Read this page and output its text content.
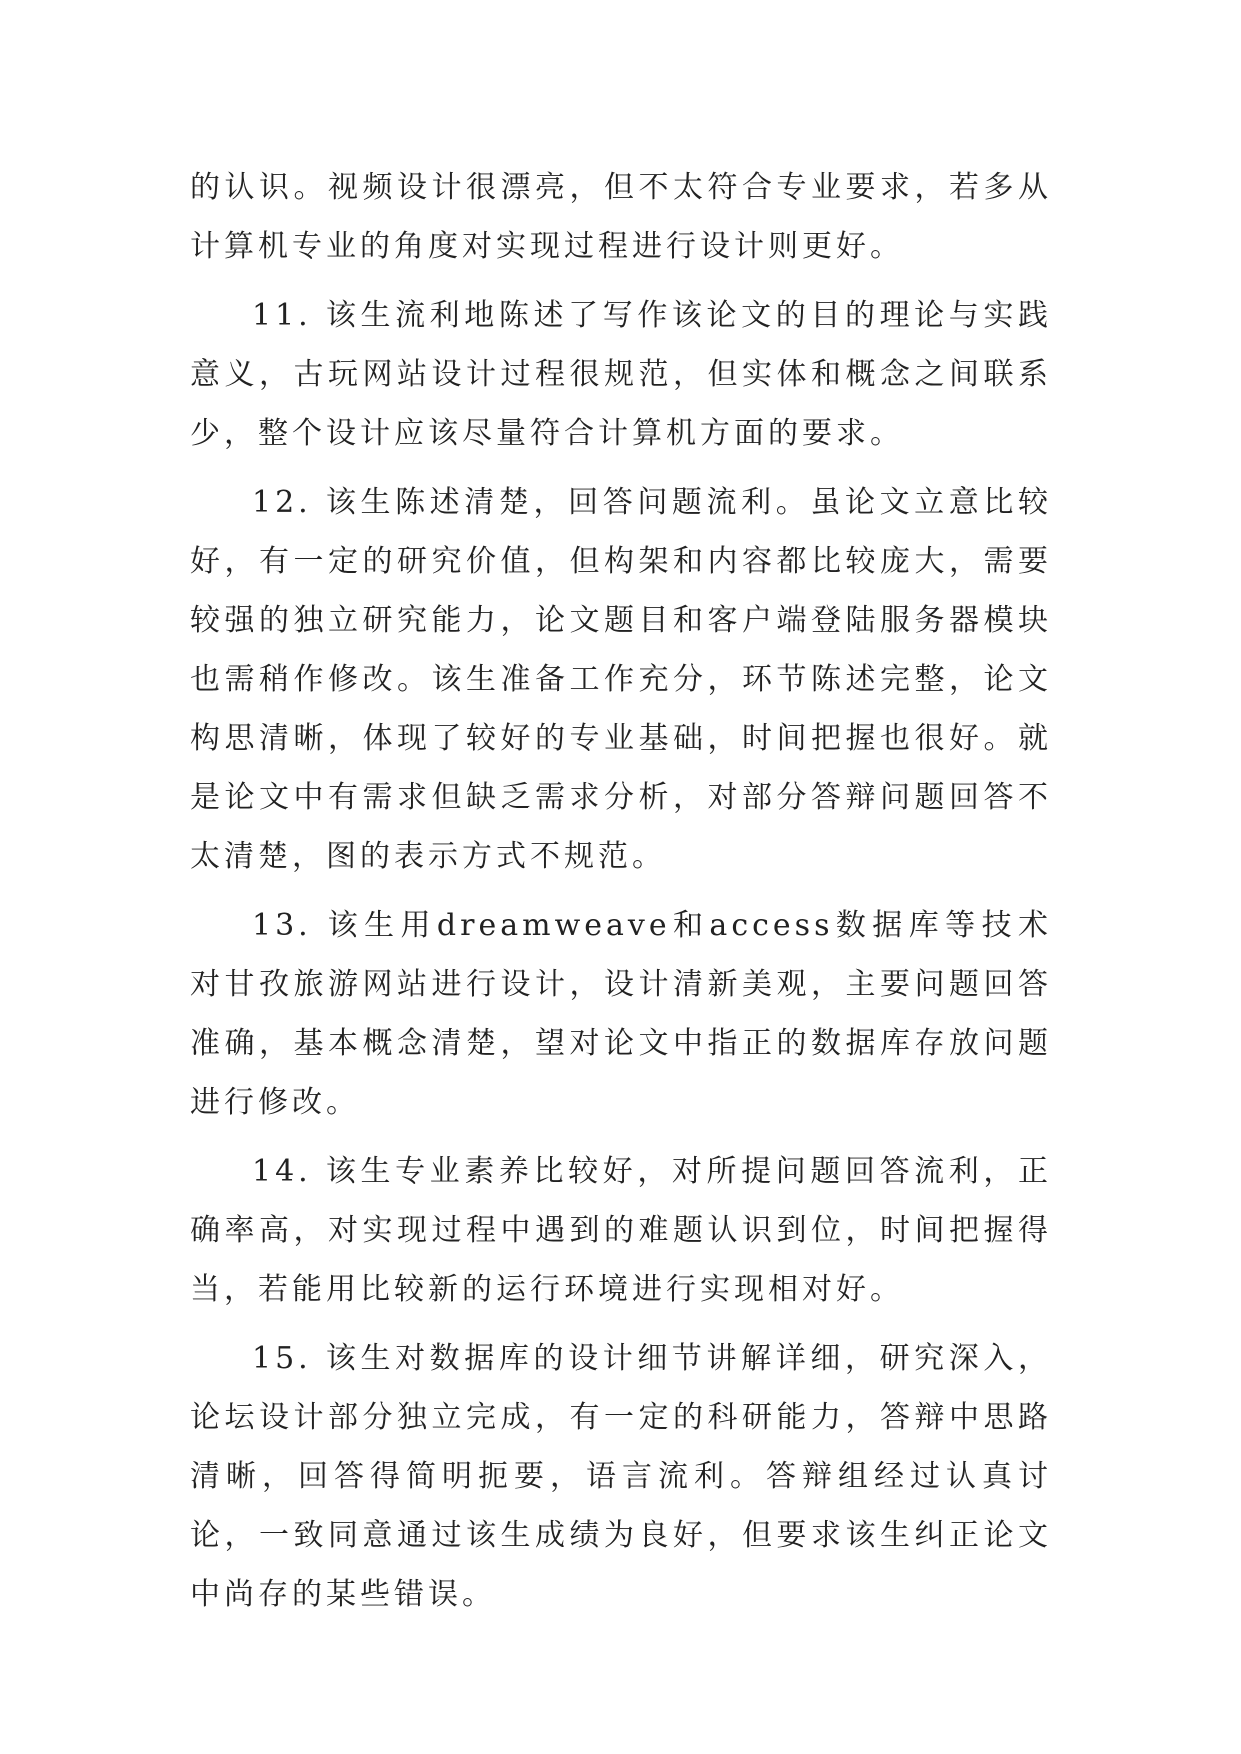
的认识。视频设计很漂亮，但不太符合专业要求，若多从计算机专业的角度对实现过程进行设计则更好。

11. 该生流利地陈述了写作该论文的目的理论与实践意义，古玩网站设计过程很规范，但实体和概念之间联系少，整个设计应该尽量符合计算机方面的要求。

12. 该生陈述清楚，回答问题流利。虽论文立意比较好，有一定的研究价值，但构架和内容都比较庞大，需要较强的独立研究能力，论文题目和客户端登陆服务器模块也需稍作修改。该生准备工作充分，环节陈述完整，论文构思清晰，体现了较好的专业基础，时间把握也很好。就是论文中有需求但缺乏需求分析，对部分答辩问题回答不太清楚，图的表示方式不规范。

13. 该生用dreamweave和access数据库等技术对甘孜旅游网站进行设计，设计清新美观，主要问题回答准确，基本概念清楚，望对论文中指正的数据库存放问题进行修改。

14. 该生专业素养比较好，对所提问题回答流利，正确率高，对实现过程中遇到的难题认识到位，时间把握得当，若能用比较新的运行环境进行实现相对好。

15. 该生对数据库的设计细节讲解详细，研究深入，论坛设计部分独立完成，有一定的科研能力，答辩中思路清晰，回答得简明扼要，语言流利。答辩组经过认真讨论，一致同意通过该生成绩为良好，但要求该生纠正论文中尚存的某些错误。
